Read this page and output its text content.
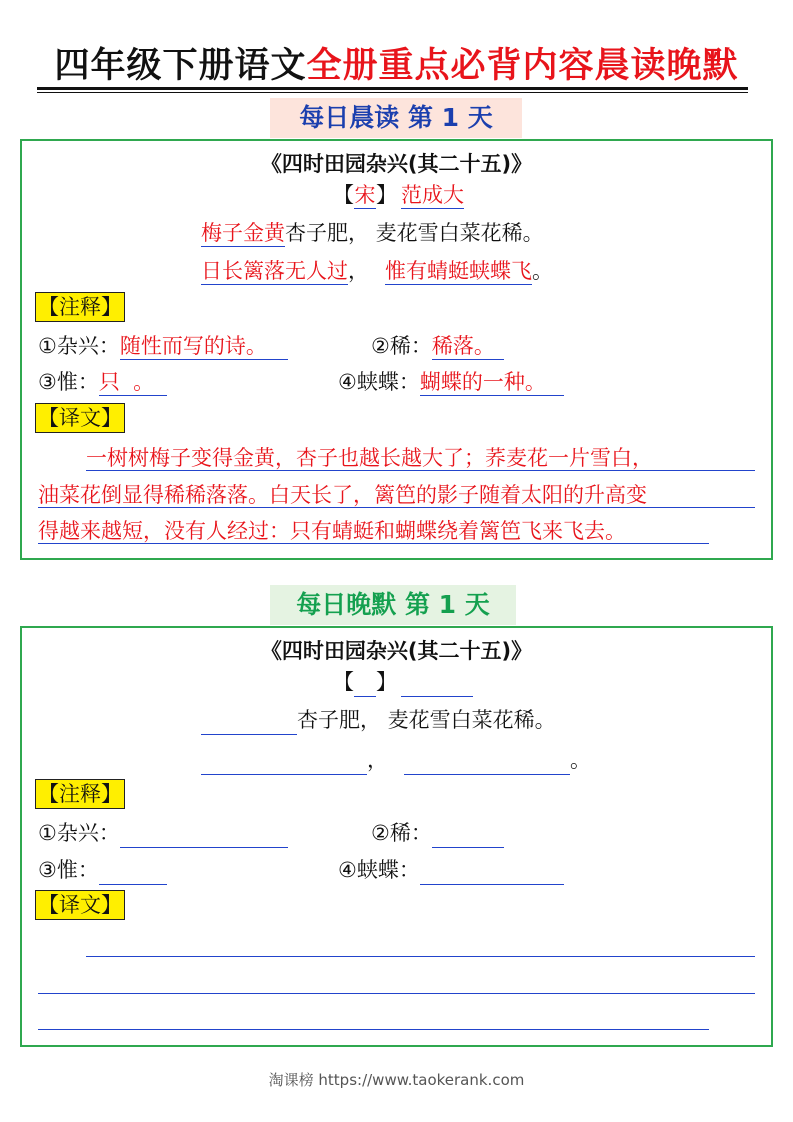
四年级下册语文全册重点必背内容晨读晚默
每日晨读 第 1 天
《四时田园杂兴(其二十五)》
【宋】 范成大
梅子金黄杏子肥， 麦花雪白菜花稀。
日长篱落无人过， 惟有蜻蜓蛱蝶飞。
【注释】
①杂兴：随性而写的诗。	②稀：稀落。
③惟：只  。	④蛱蝶：蝴蝶的一种。
【译文】
一树树梅子变得金黄，杏子也越长越大了；荞麦花一片雪白，
油菜花倒显得稀稀落落。白天长了，篱笆的影子随着太阳的升高变
得越来越短，没有人经过：只有蜻蜓和蝴蝶绕着篱笆飞来飞去。
每日晚默 第 1 天
《四时田园杂兴(其二十五)》
【 】
杏子肥， 麦花雪白菜花稀。
，	。
【注释】
①杂兴：	②稀：
③惟：	④蛱蝶：
【译文】
淘课榜 https://www.taokerank.com
